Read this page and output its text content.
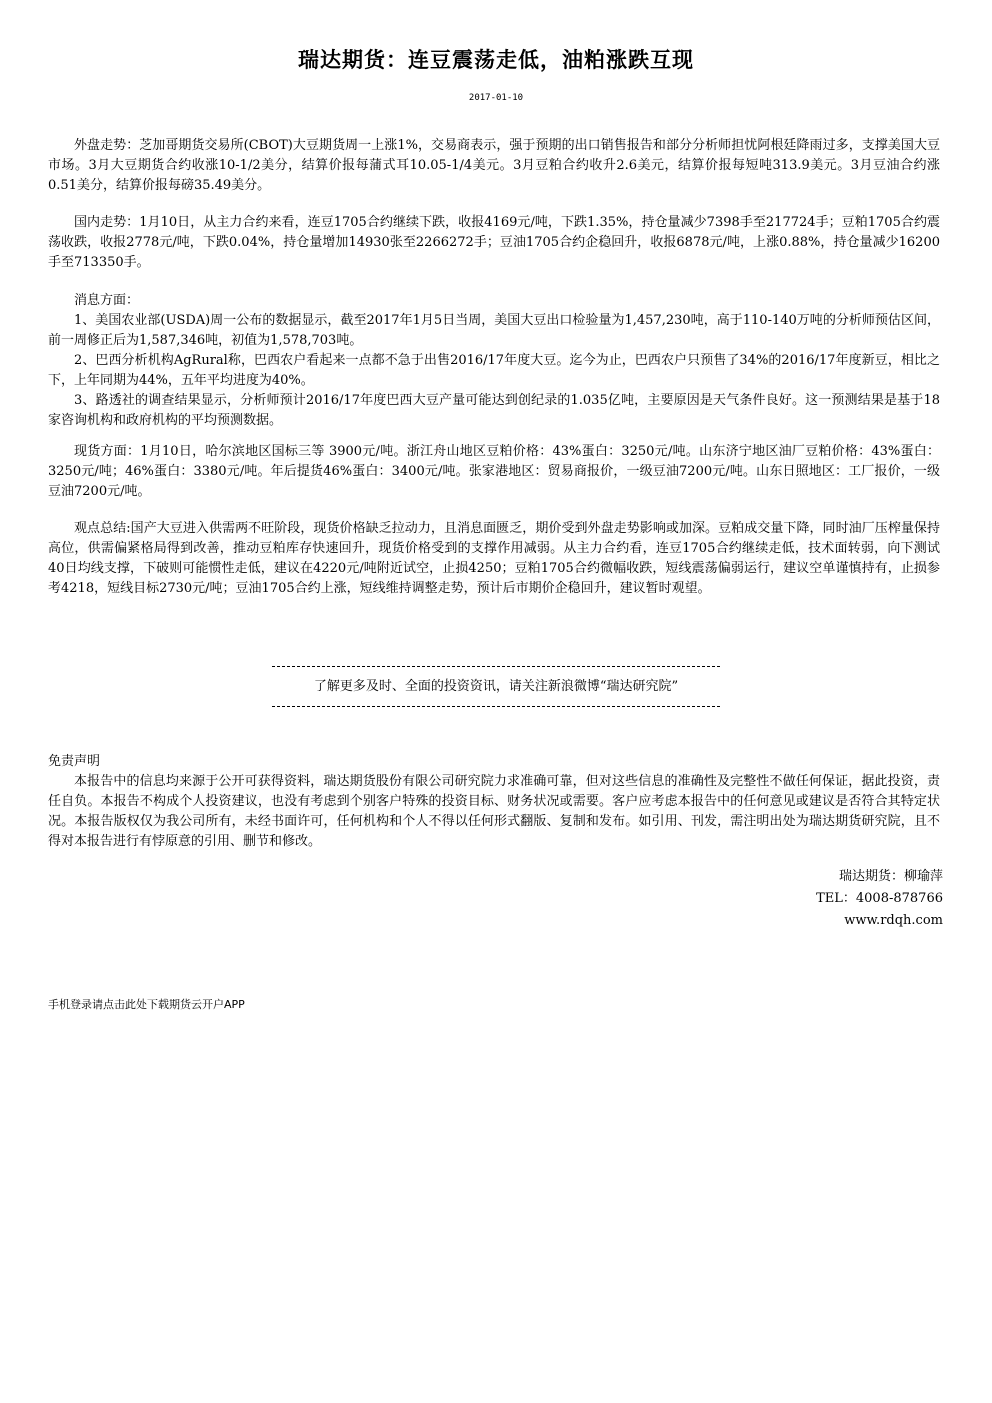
瑞达期货：连豆震荡走低，油粕涨跌互现
2017-01-10

外盘走势：芝加哥期货交易所(CBOT)大豆期货周一上涨1%，交易商表示，强于预期的出口销售报告和部分分析师担忧阿根廷降雨过多，支撑美国大豆市场。3月大豆期货合约收涨10-1/2美分，结算价报每蒲式耳10.05-1/4美元。3月豆粕合约收升2.6美元，结算价报每短吨313.9美元。3月豆油合约涨0.51美分，结算价报每磅35.49美分。

国内走势：1月10日，从主力合约来看，连豆1705合约继续下跌，收报4169元/吨，下跌1.35%，持仓量减少7398手至217724手；豆粕1705合约震荡收跌，收报2778元/吨，下跌0.04%，持仓量增加14930张至2266272手；豆油1705合约企稳回升，收报6878元/吨，上涨0.88%，持仓量减少16200手至713350手。

消息方面：

1、美国农业部(USDA)周一公布的数据显示，截至2017年1月5日当周，美国大豆出口检验量为1,457,230吨，高于110-140万吨的分析师预估区间，前一周修正后为1,587,346吨，初值为1,578,703吨。

2、巴西分析机构AgRural称，巴西农户看起来一点都不急于出售2016/17年度大豆。迄今为止，巴西农户只预售了34%的2016/17年度新豆，相比之下，上年同期为44%，五年平均进度为40%。

3、路透社的调查结果显示，分析师预计2016/17年度巴西大豆产量可能达到创纪录的1.035亿吨，主要原因是天气条件良好。这一预测结果是基于18家咨询机构和政府机构的平均预测数据。

现货方面：1月10日，哈尔滨地区国标三等 3900元/吨。浙江舟山地区豆粕价格：43%蛋白：3250元/吨。山东济宁地区油厂豆粕价格：43%蛋白：3250元/吨；46%蛋白：3380元/吨。年后提货46%蛋白：3400元/吨。张家港地区：贸易商报价，一级豆油7200元/吨。山东日照地区：工厂报价，一级豆油7200元/吨。

观点总结:国产大豆进入供需两不旺阶段，现货价格缺乏拉动力，且消息面匮乏，期价受到外盘走势影响或加深。豆粕成交量下降，同时油厂压榨量保持高位，供需偏紧格局得到改善，推动豆粕库存快速回升，现货价格受到的支撑作用减弱。从主力合约看，连豆1705合约继续走低，技术面转弱，向下测试40日均线支撑，下破则可能惯性走低，建议在4220元/吨附近试空，止损4250；豆粕1705合约微幅收跌，短线震荡偏弱运行，建议空单谨慎持有，止损参考4218，短线目标2730元/吨；豆油1705合约上涨，短线维持调整走势，预计后市期价企稳回升，建议暂时观望。

了解更多及时、全面的投资资讯，请关注新浪微博“瑞达研究院”
免责声明

本报告中的信息均来源于公开可获得资料，瑞达期货股份有限公司研究院力求准确可靠，但对这些信息的准确性及完整性不做任何保证，据此投资，责任自负。本报告不构成个人投资建议，也没有考虑到个别客户特殊的投资目标、财务状况或需要。客户应考虑本报告中的任何意见或建议是否符合其特定状况。本报告版权仅为我公司所有，未经书面许可，任何机构和个人不得以任何形式翻版、复制和发布。如引用、刊发，需注明出处为瑞达期货研究院，且不得对本报告进行有悖原意的引用、删节和修改。

瑞达期货：柳瑜萍
TEL：4008-878766
www.rdqh.com
手机登录请点击此处下载期货云开户APP
